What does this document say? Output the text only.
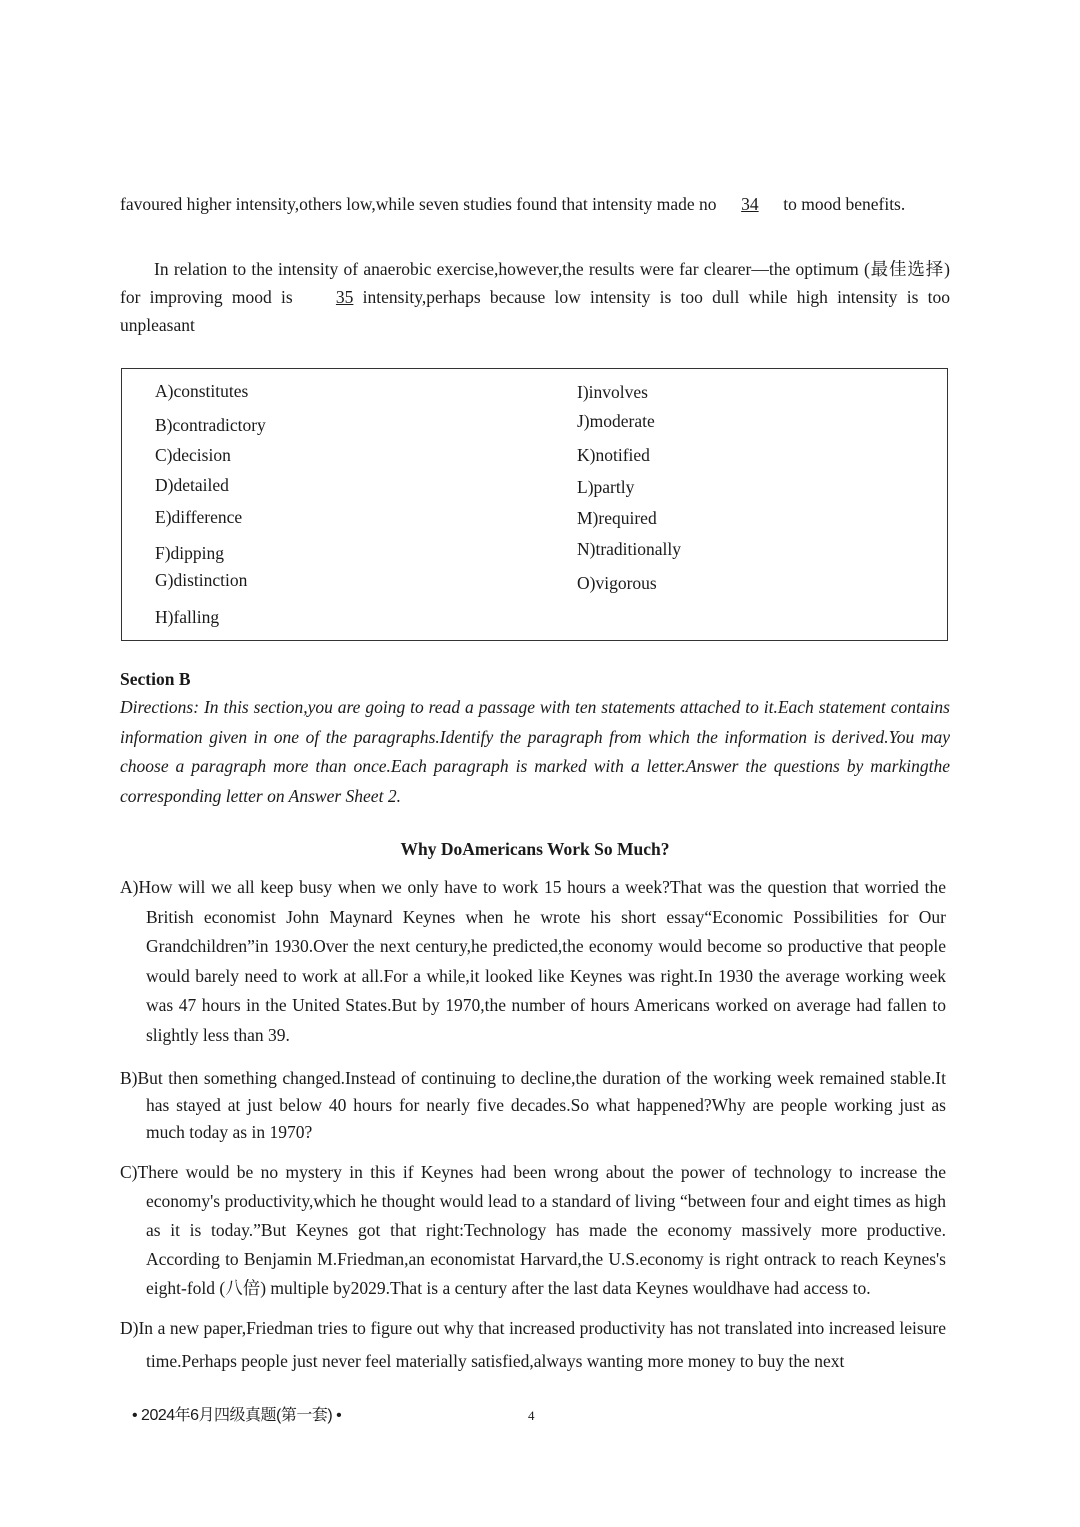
favoured higher intensity,others low,while seven studies found that intensity made no 34 to mood benefits.

In relation to the intensity of anaerobic exercise,however,the results were far clearer—the optimum (最佳选择) for improving mood is 35 intensity,perhaps because low intensity is too dull while high intensity is too unpleasant

A)constitutes
B)contradictory
C)decision
D)detailed
E)difference
F)dipping
G)distinction
H)falling
I)involves
J)moderate
K)notified
L)partly
M)required
N)traditionally
O)vigorous

Section B

Directions: In this section,you are going to read a passage with ten statements attached to it.Each statement contains information given in one of the paragraphs.Identify the paragraph from which the information is derived.You may choose a paragraph more than once.Each paragraph is marked with a letter.Answer the questions by markingthe corresponding letter on Answer Sheet 2.

Why DoAmericans Work So Much?

A)How will we all keep busy when we only have to work 15 hours a week?That was the question that worried the British economist John Maynard Keynes when he wrote his short essay“Economic Possibilities for Our Grandchildren”in 1930.Over the next century,he predicted,the economy would become so productive that people would barely need to work at all.For a while,it looked like Keynes was right.In 1930 the average working week was 47 hours in the United States.But by 1970,the number of hours Americans worked on average had fallen to slightly less than 39.

B)But then something changed.Instead of continuing to decline,the duration of the working week remained stable.It has stayed at just below 40 hours for nearly five decades.So what happened?Why are people working just as much today as in 1970?

C)There would be no mystery in this if Keynes had been wrong about the power of technology to increase the economy's productivity,which he thought would lead to a standard of living “between four and eight times as high as it is today.”But Keynes got that right:Technology has made the economy massively more productive. According to Benjamin M.Friedman,an economistat Harvard,the U.S.economy is right ontrack to reach Keynes's eight-fold (八倍) multiple by2029.That is a century after the last data Keynes wouldhave had access to.

D)In a new paper,Friedman tries to figure out why that increased productivity has not translated into increased leisure time.Perhaps people just never feel materially satisfied,always wanting more money to buy the next

• 2024年6月四级真题(第一套) •	4
